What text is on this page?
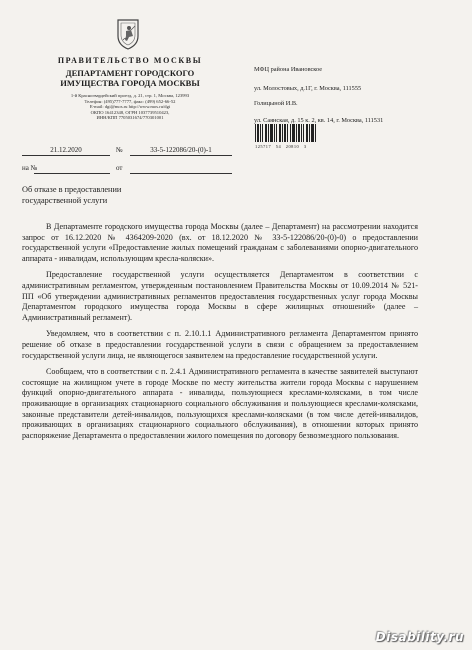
ПРАВИТЕЛЬСТВО МОСКВЫ
ДЕПАРТАМЕНТ ГОРОДСКОГО
ИМУЩЕСТВА ГОРОДА МОСКВЫ
1-й Красногвардейский проезд, д. 21, стр. 1, Москва, 123993
Телефон: (495)777-7777, факс: (499) 652-66-52
E-mail: dgi@mos.ru http://www.mos.ru/dgi
ОКПО 16412348, ОГРН 1037739510423,
ИНН/КПП 7705031674/770301001
21.12.2020	№	33-5-122086/20-(0)-1
на №	от
Об отказе в предоставлении
государственной услуги
МФЦ района Ивановское
ул. Молостовых, д.1Г, г. Москва, 111555
Голицыной И.В.
ул. Саянская, д. 15 к. 2, кв. 14, г. Москва, 111531
125717 54 20810 3

В Департаменте городского имущества города Москвы (далее – Департамент) на рассмотрении находится запрос от 16.12.2020 № 4364209-2020 (вх. от 18.12.2020 № 33-5-122086/20-(0)-0) о предоставлении государственной услуги «Предоставление жилых помещений гражданам с заболеваниями опорно-двигательного аппарата - инвалидам, использующим кресла-коляски».

Предоставление государственной услуги осуществляется Департаментом в соответствии с административным регламентом, утвержденным постановлением Правительства Москвы от 10.09.2014 № 521-ПП «Об утверждении административных регламентов предоставления государственных услуг города Москвы Департаментом городского имущества города Москвы в сфере жилищных отношений» (далее – Административный регламент).

Уведомляем, что в соответствии с п. 2.10.1.1 Административного регламента Департаментом принято решение об отказе в предоставлении государственной услуги в связи с обращением за предоставлением государственной услуги лица, не являющегося заявителем на предоставление государственной услуги.

Сообщаем, что в соответствии с п. 2.4.1 Административного регламента в качестве заявителей выступают состоящие на жилищном учете в городе Москве по месту жительства жители города Москвы с нарушением функций опорно-двигательного аппарата - инвалиды, пользующиеся креслами-колясками, в том числе проживающие в организациях стационарного социального обслуживания и пользующиеся креслами-колясками, законные представители детей-инвалидов, пользующихся креслами-колясками (в том числе детей-инвалидов, проживающих в организациях стационарного социального обслуживания), в отношении которых принято распоряжение Департамента о предоставлении жилого помещения по договору безвозмездного пользования.

Disability.ru
